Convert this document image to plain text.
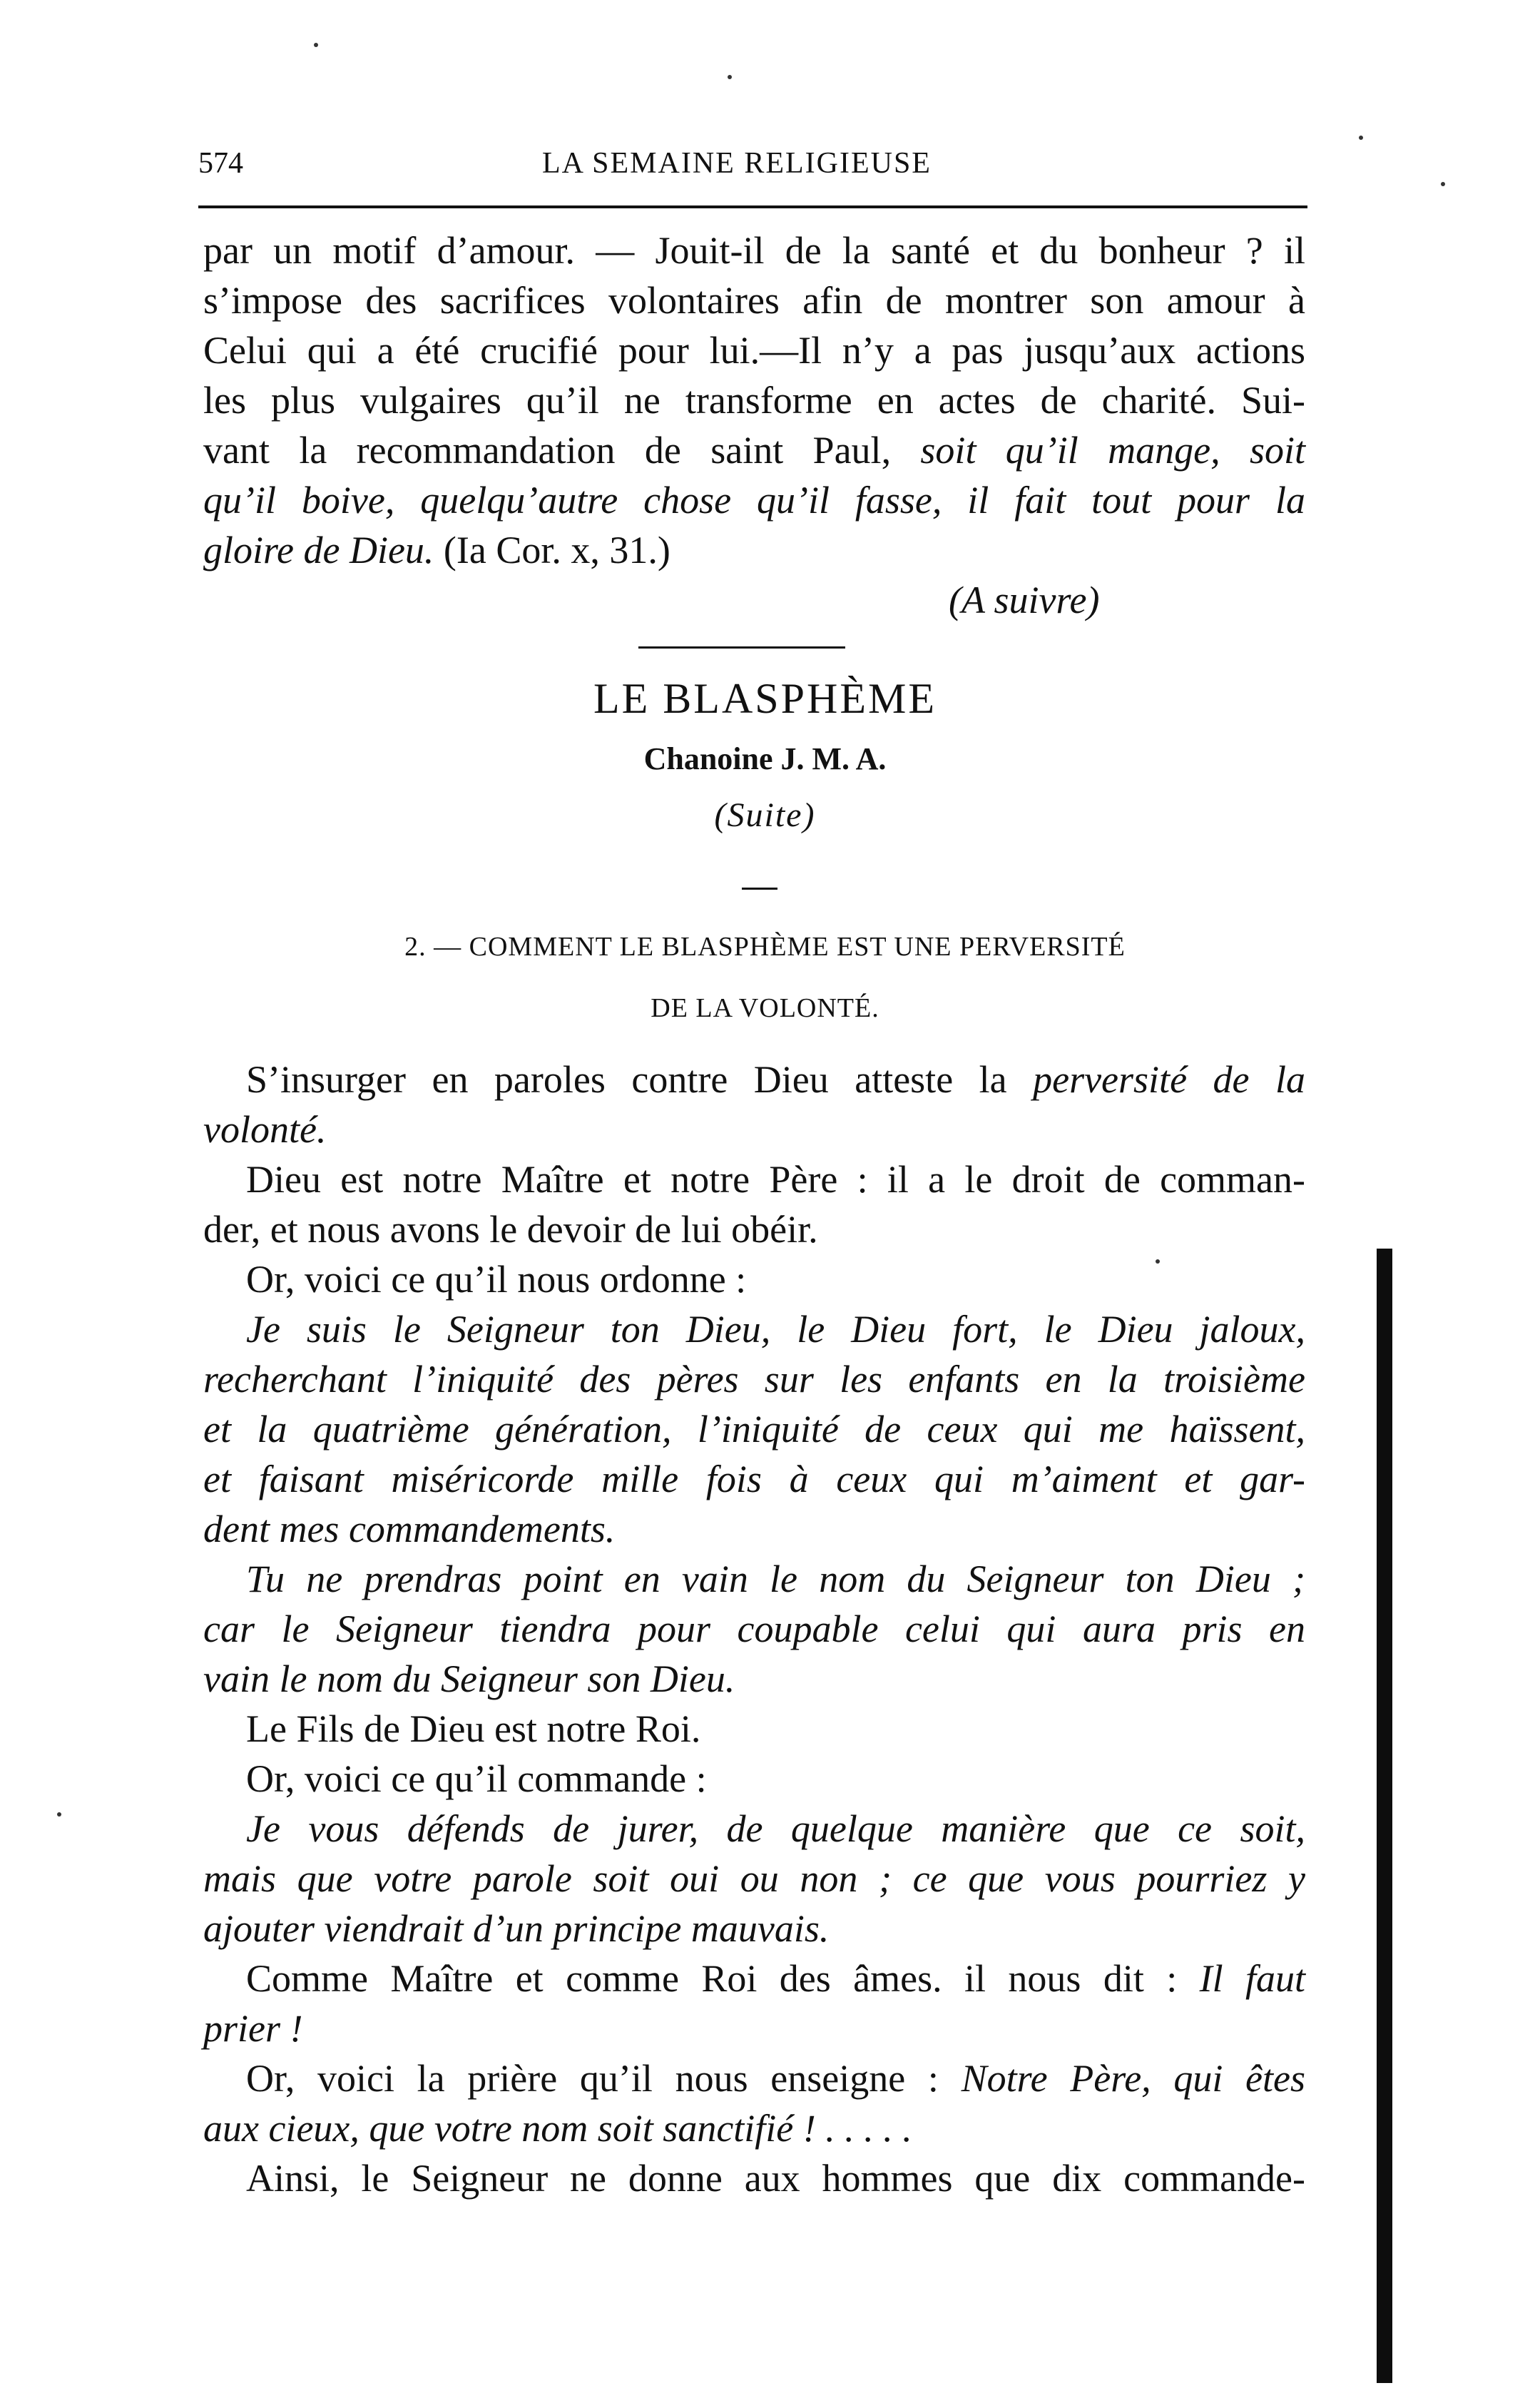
574	LA SEMAINE RELIGIEUSE
par un motif d’amour. — Jouit-il de la santé et du bonheur ? il
s’impose des sacrifices volontaires afin de montrer son amour à
Celui qui a été crucifié pour lui.—Il n’y a pas jusqu’aux actions
les plus vulgaires qu’il ne transforme en actes de charité. Sui-
vant la recommandation de saint Paul, soit qu’il mange, soit
qu’il boive, quelqu’autre chose qu’il fasse, il fait tout pour la
gloire de Dieu. (Ia Cor. x, 31.)
(A suivre)
LE BLASPHÈME
Chanoine J. M. A.
(Suite)
2. — COMMENT LE BLASPHÈME EST UNE PERVERSITÉ
DE LA VOLONTÉ.
S’insurger en paroles contre Dieu atteste la perversité de la
volonté.
Dieu est notre Maître et notre Père : il a le droit de comman-
der, et nous avons le devoir de lui obéir.
Or, voici ce qu’il nous ordonne :
Je suis le Seigneur ton Dieu, le Dieu fort, le Dieu jaloux,
recherchant l’iniquité des pères sur les enfants en la troisième
et la quatrième génération, l’iniquité de ceux qui me haïssent,
et faisant miséricorde mille fois à ceux qui m’aiment et gar-
dent mes commandements.
Tu ne prendras point en vain le nom du Seigneur ton Dieu ;
car le Seigneur tiendra pour coupable celui qui aura pris en
vain le nom du Seigneur son Dieu.
Le Fils de Dieu est notre Roi.
Or, voici ce qu’il commande :
Je vous défends de jurer, de quelque manière que ce soit,
mais que votre parole soit oui ou non ; ce que vous pourriez y
ajouter viendrait d’un principe mauvais.
Comme Maître et comme Roi des âmes. il nous dit : Il faut
prier !
Or, voici la prière qu’il nous enseigne : Notre Père, qui êtes
aux cieux, que votre nom soit sanctifié ! . . . . .
Ainsi, le Seigneur ne donne aux hommes que dix commande-
